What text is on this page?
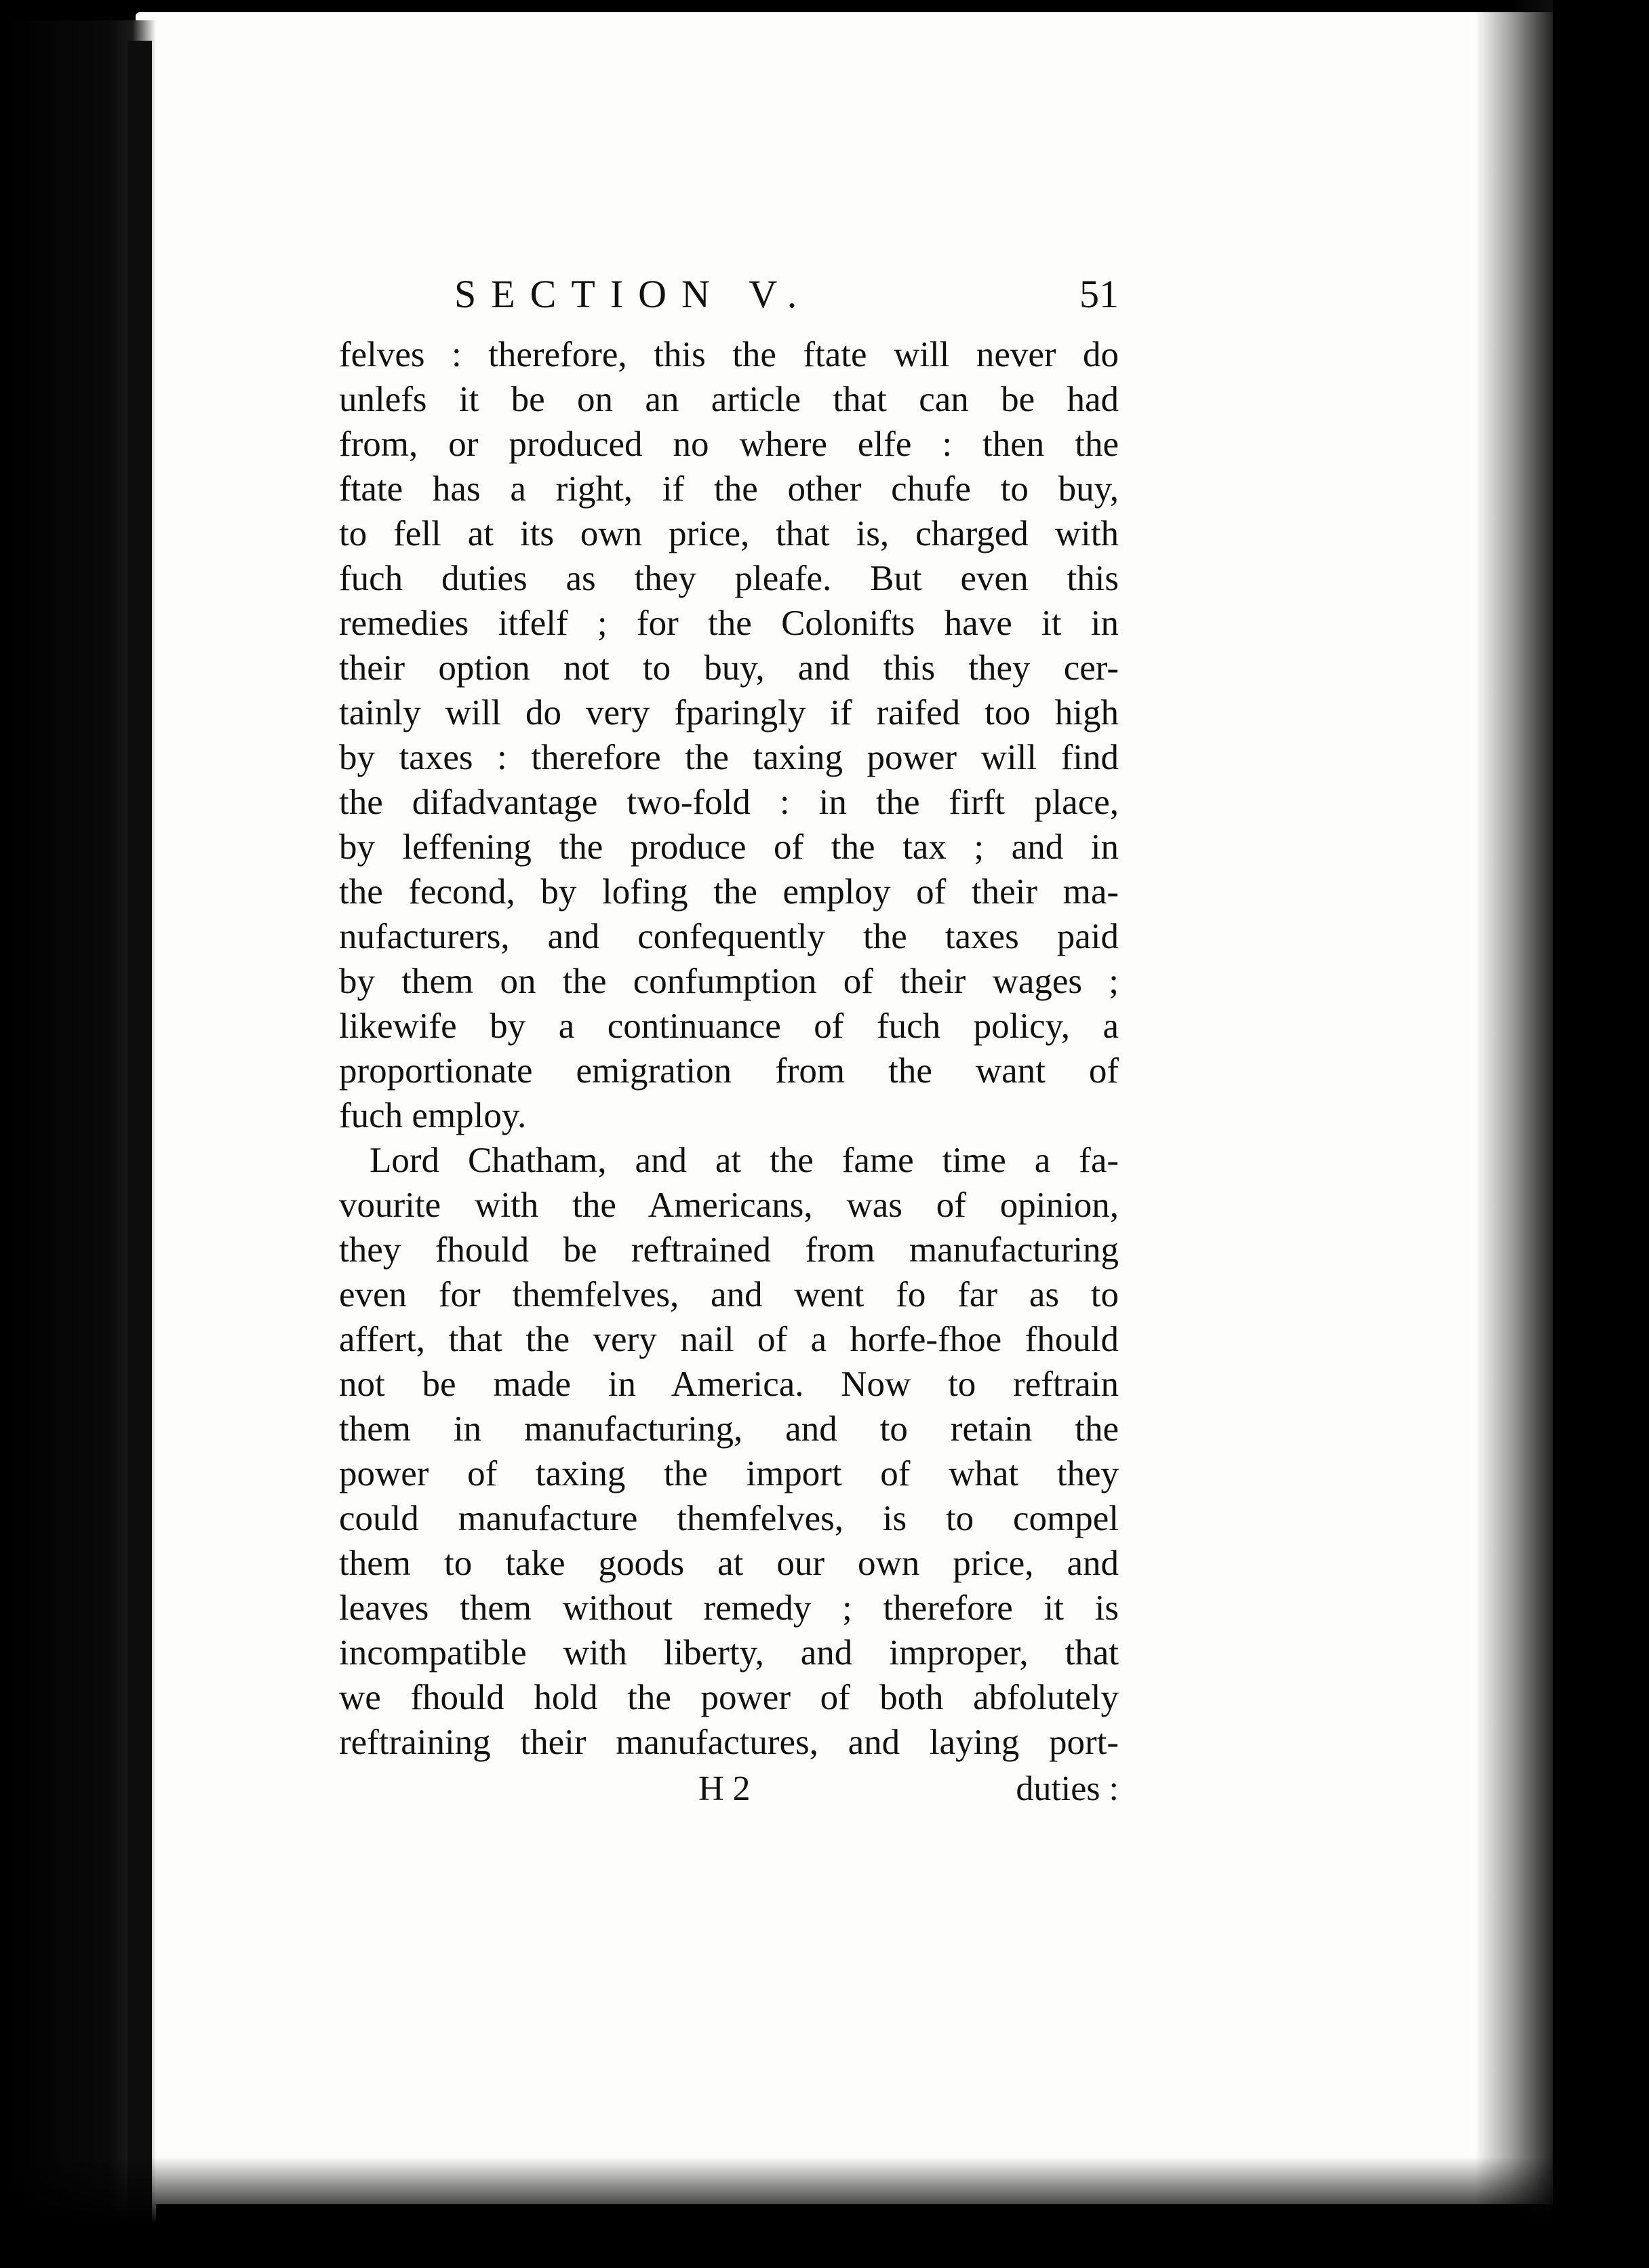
SECTION V.	51
felves : therefore, this the ftate will never do
unlefs it be on an article that can be had
from, or produced no where elfe : then the
ftate has a right, if the other chufe to buy,
to fell at its own price, that is, charged with
fuch duties as they pleafe. But even this
remedies itfelf ; for the Colonifts have it in
their option not to buy, and this they cer-
tainly will do very fparingly if raifed too high
by taxes : therefore the taxing power will find
the difadvantage two-fold : in the firft place,
by leffening the produce of the tax ; and in
the fecond, by lofing the employ of their ma-
nufacturers, and confequently the taxes paid
by them on the confumption of their wages ;
likewife by a continuance of fuch policy, a
proportionate emigration from the want of
fuch employ.
Lord Chatham, and at the fame time a fa-
vourite with the Americans, was of opinion,
they fhould be reftrained from manufacturing
even for themfelves, and went fo far as to
affert, that the very nail of a horfe-fhoe fhould
not be made in America. Now to reftrain
them in manufacturing, and to retain the
power of taxing the import of what they
could manufacture themfelves, is to compel
them to take goods at our own price, and
leaves them without remedy ; therefore it is
incompatible with liberty, and improper, that
we fhould hold the power of both abfolutely
reftraining their manufactures, and laying port-
H 2	duties :
